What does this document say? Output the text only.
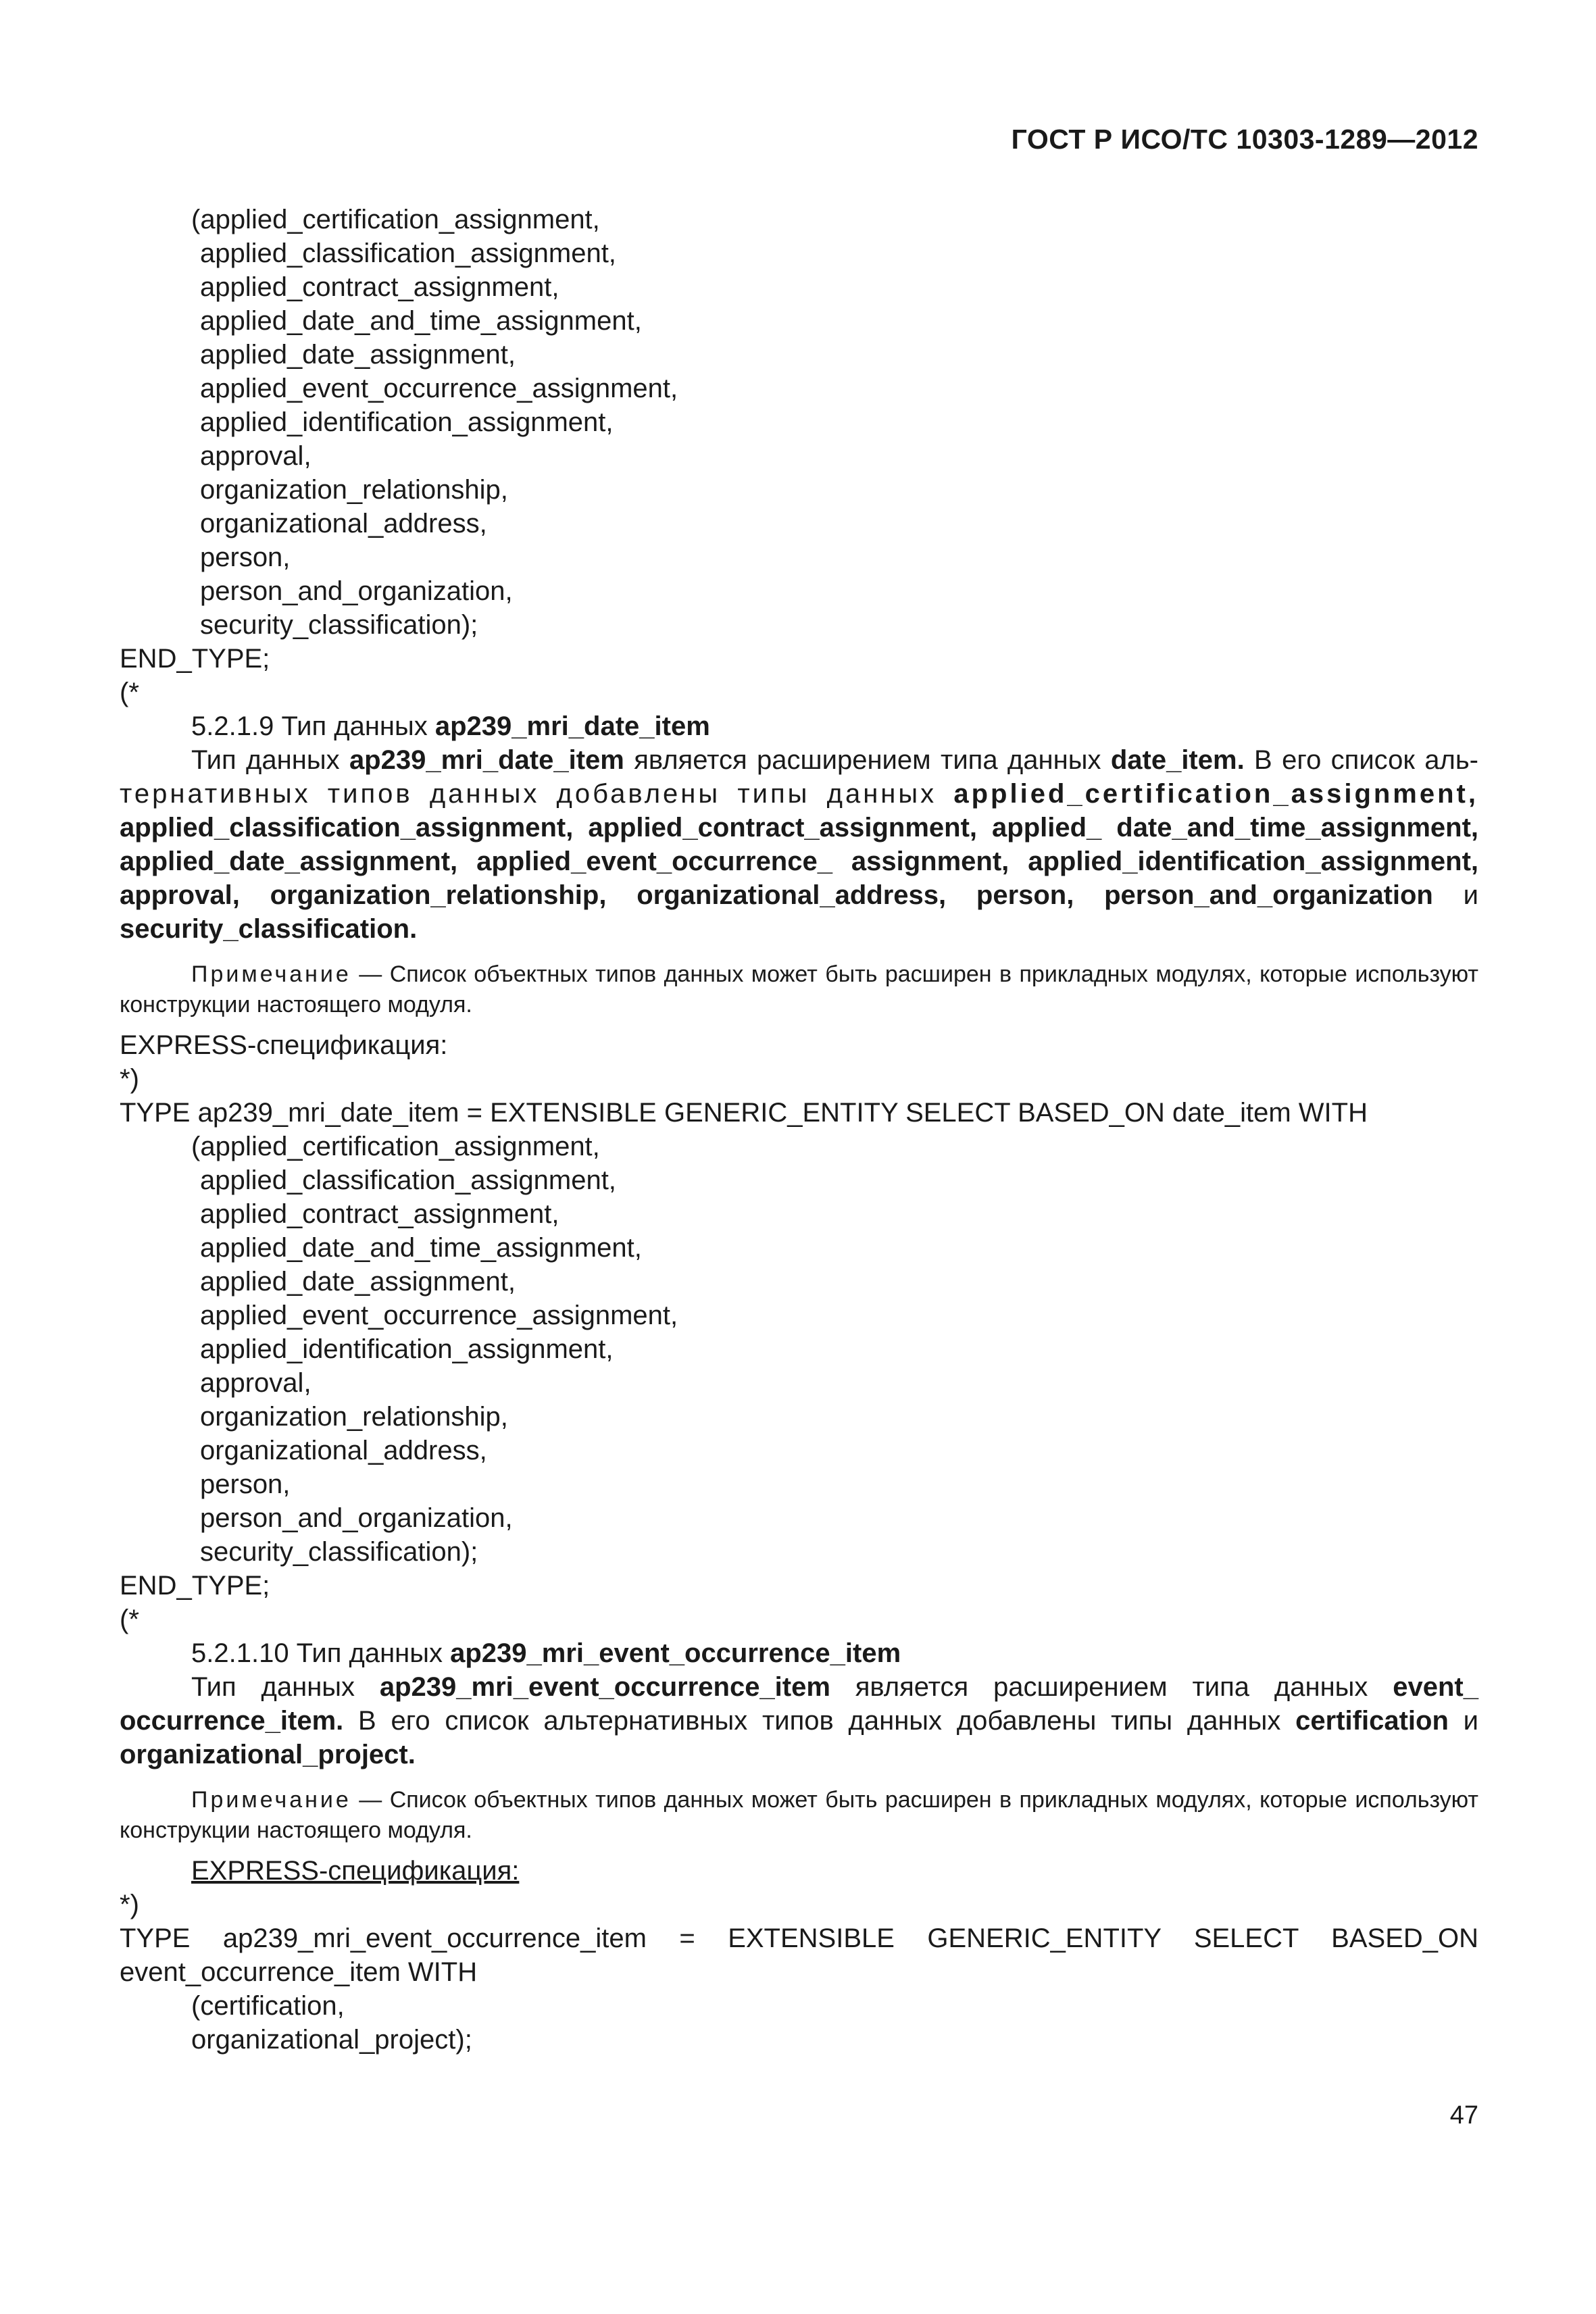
ГОСТ Р ИСО/ТС 10303-1289—2012
(applied_certification_assignment,
applied_classification_assignment,
applied_contract_assignment,
applied_date_and_time_assignment,
applied_date_assignment,
applied_event_occurrence_assignment,
applied_identification_assignment,
approval,
organization_relationship,
organizational_address,
person,
person_and_organization,
security_classification);
END_TYPE;
(*
5.2.1.9 Тип данных ap239_mri_date_item
Тип данных ap239_mri_date_item является расширением типа данных date_item. В его список аль-
тернативных типов данных добавлены типы данных applied_certification_assignment,
applied_classification_assignment, applied_contract_assignment, applied_ date_and_time_assignment, applied_date_assignment, applied_event_occurrence_ assignment, applied_identification_assignment, approval, organization_relationship, organizational_address, person, person_and_organization и security_classification.
Примечание — Список объектных типов данных может быть расширен в прикладных модулях, которые используют конструкции настоящего модуля.
EXPRESS-спецификация:
*)
TYPE ap239_mri_date_item = EXTENSIBLE GENERIC_ENTITY SELECT BASED_ON date_item WITH
(applied_certification_assignment,
applied_classification_assignment,
applied_contract_assignment,
applied_date_and_time_assignment,
applied_date_assignment,
applied_event_occurrence_assignment,
applied_identification_assignment,
approval,
organization_relationship,
organizational_address,
person,
person_and_organization,
security_classification);
END_TYPE;
(*
5.2.1.10 Тип данных ap239_mri_event_occurrence_item
Тип данных ap239_mri_event_occurrence_item является расширением типа данных event_ occurrence_item. В его список альтернативных типов данных добавлены типы данных certification и organizational_project.
Примечание — Список объектных типов данных может быть расширен в прикладных модулях, которые используют конструкции настоящего модуля.
EXPRESS-спецификация:
*)
TYPE ap239_mri_event_occurrence_item = EXTENSIBLE GENERIC_ENTITY SELECT BASED_ON event_occurrence_item WITH
(certification,
organizational_project);
47
